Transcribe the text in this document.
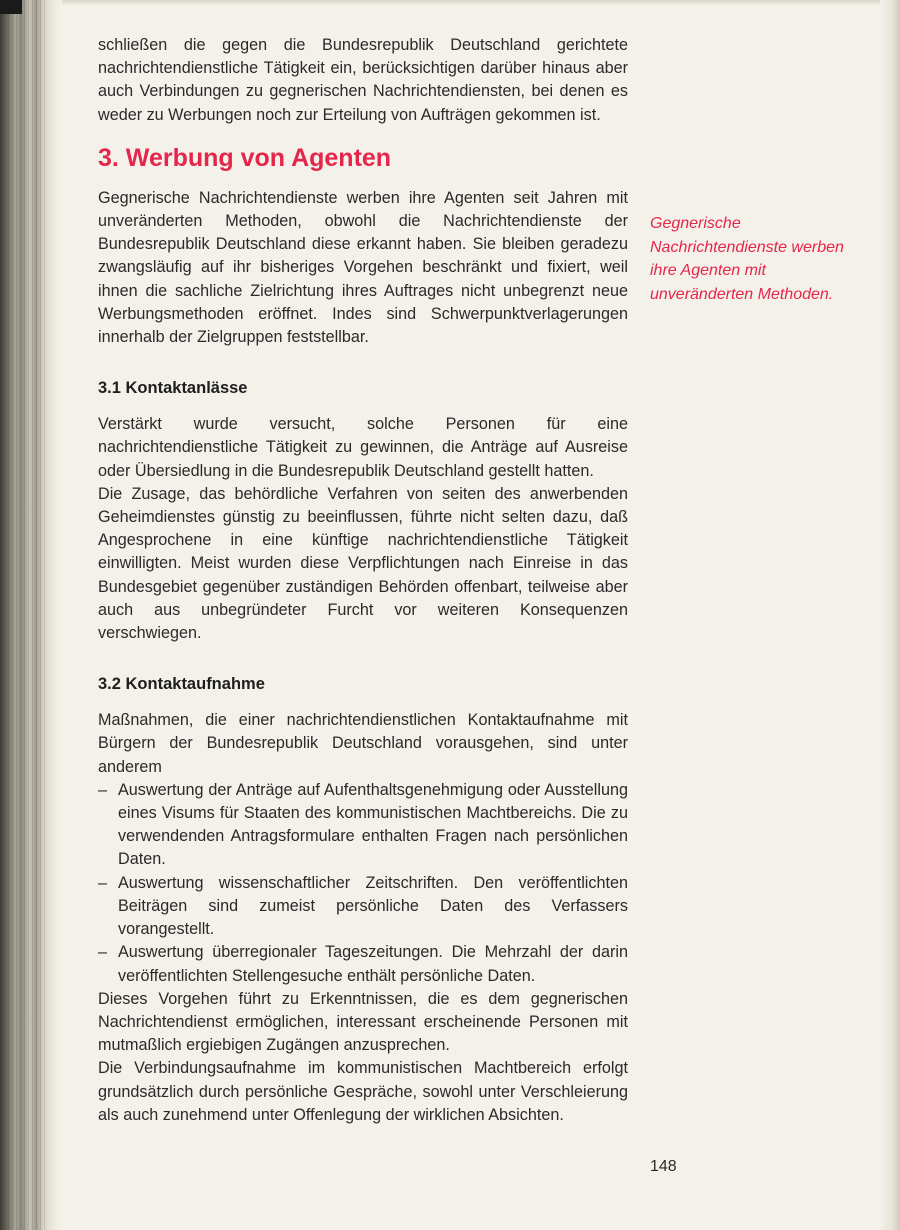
schließen die gegen die Bundesrepublik Deutschland gerichtete nachrichtendienstliche Tätigkeit ein, berücksichtigen darüber hinaus aber auch Verbindungen zu gegnerischen Nachrichtendiensten, bei denen es weder zu Werbungen noch zur Erteilung von Aufträgen gekommen ist.

3. Werbung von Agenten

Gegnerische Nachrichtendienste werben ihre Agenten seit Jahren mit unveränderten Methoden, obwohl die Nachrichtendienste der Bundesrepublik Deutschland diese erkannt haben. Sie bleiben geradezu zwangsläufig auf ihr bisheriges Vorgehen beschränkt und fixiert, weil ihnen die sachliche Zielrichtung ihres Auftrages nicht unbegrenzt neue Werbungsmethoden eröffnet. Indes sind Schwerpunktverlagerungen innerhalb der Zielgruppen feststellbar.

3.1 Kontaktanlässe

Verstärkt wurde versucht, solche Personen für eine nachrichtendienstliche Tätigkeit zu gewinnen, die Anträge auf Ausreise oder Übersiedlung in die Bundesrepublik Deutschland gestellt hatten.

Die Zusage, das behördliche Verfahren von seiten des anwerbenden Geheimdienstes günstig zu beeinflussen, führte nicht selten dazu, daß Angesprochene in eine künftige nachrichtendienstliche Tätigkeit einwilligten. Meist wurden diese Verpflichtungen nach Einreise in das Bundesgebiet gegenüber zuständigen Behörden offenbart, teilweise aber auch aus unbegründeter Furcht vor weiteren Konsequenzen verschwiegen.

3.2 Kontaktaufnahme

Maßnahmen, die einer nachrichtendienstlichen Kontaktaufnahme mit Bürgern der Bundesrepublik Deutschland vorausgehen, sind unter anderem

– Auswertung der Anträge auf Aufenthaltsgenehmigung oder Ausstellung eines Visums für Staaten des kommunistischen Machtbereichs. Die zu verwendenden Antragsformulare enthalten Fragen nach persönlichen Daten.
– Auswertung wissenschaftlicher Zeitschriften. Den veröffentlichten Beiträgen sind zumeist persönliche Daten des Verfassers vorangestellt.
– Auswertung überregionaler Tageszeitungen. Die Mehrzahl der darin veröffentlichten Stellengesuche enthält persönliche Daten.

Dieses Vorgehen führt zu Erkenntnissen, die es dem gegnerischen Nachrichtendienst ermöglichen, interessant erscheinende Personen mit mutmaßlich ergiebigen Zugängen anzusprechen.

Die Verbindungsaufnahme im kommunistischen Machtbereich erfolgt grundsätzlich durch persönliche Gespräche, sowohl unter Verschleierung als auch zunehmend unter Offenlegung der wirklichen Absichten.

Gegnerische Nachrichtendienste werben ihre Agenten mit unveränderten Methoden.
148
